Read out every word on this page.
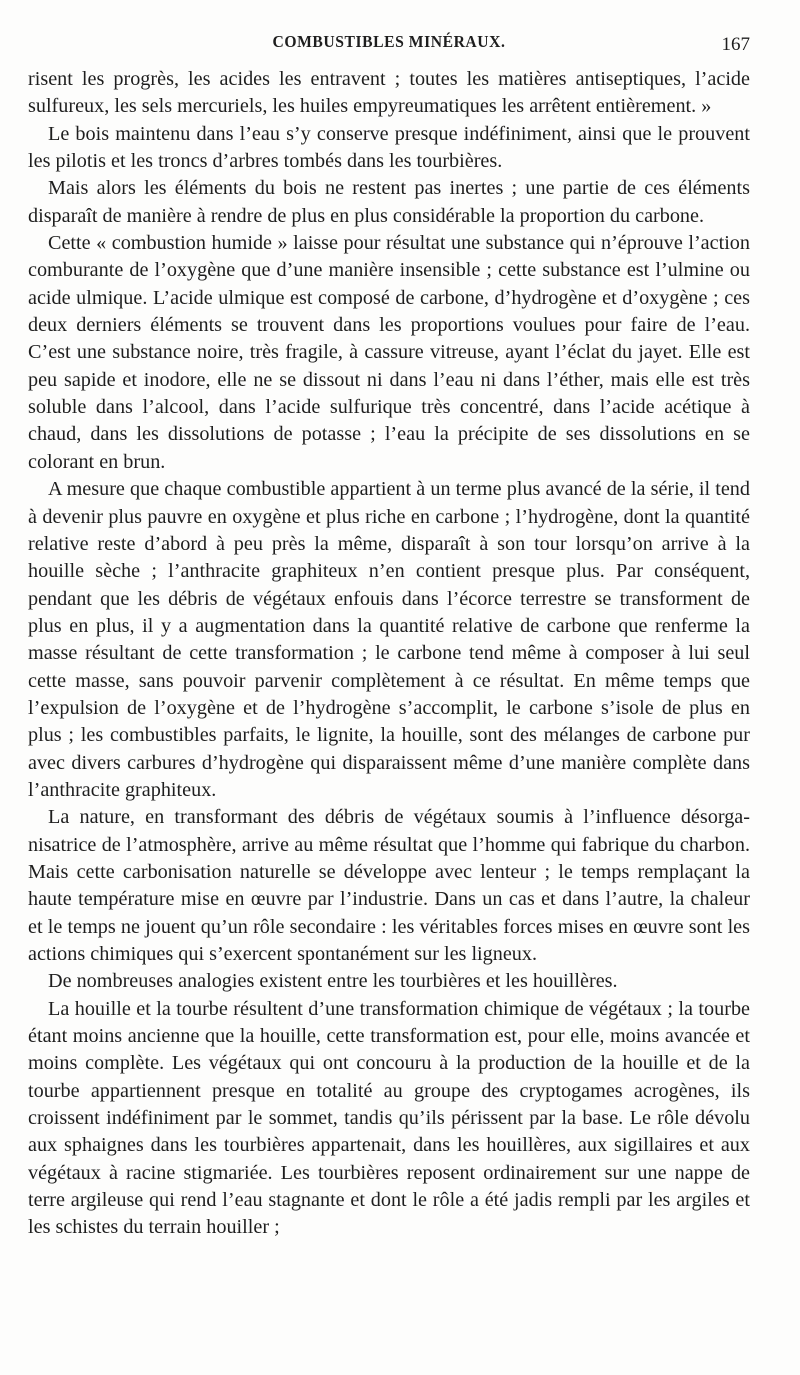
COMBUSTIBLES MINÉRAUX.	167

risent les progrès, les acides les entravent ; toutes les matières antiseptiques, l’acide sulfureux, les sels mercuriels, les huiles empyreumatiques les arrêtent entièrement. »

Le bois maintenu dans l’eau s’y conserve presque indéfiniment, ainsi que le prouvent les pilotis et les troncs d’arbres tombés dans les tourbières.

Mais alors les éléments du bois ne restent pas inertes ; une partie de ces éléments disparaît de manière à rendre de plus en plus considérable la proportion du carbone.

Cette « combustion humide » laisse pour résultat une substance qui n’éprouve l’action comburante de l’oxygène que d’une manière insensible ; cette substance est l’ulmine ou acide ulmique. L’acide ulmique est composé de carbone, d’hydrogène et d’oxygène ; ces deux derniers éléments se trouvent dans les proportions voulues pour faire de l’eau. C’est une substance noire, très fragile, à cassure vitreuse, ayant l’éclat du jayet. Elle est peu sapide et inodore, elle ne se dissout ni dans l’eau ni dans l’éther, mais elle est très soluble dans l’alcool, dans l’acide sulfurique très concentré, dans l’acide acétique à chaud, dans les dissolutions de potasse ; l’eau la précipite de ses dissolutions en se colorant en brun.

A mesure que chaque combustible appartient à un terme plus avancé de la série, il tend à devenir plus pauvre en oxygène et plus riche en carbone ; l’hydrogène, dont la quantité relative reste d’abord à peu près la même, disparaît à son tour lorsqu’on arrive à la houille sèche ; l’anthracite graphiteux n’en contient presque plus. Par conséquent, pendant que les débris de végétaux enfouis dans l’écorce terrestre se transforment de plus en plus, il y a augmentation dans la quantité relative de carbone que renferme la masse résultant de cette transformation ; le carbone tend même à composer à lui seul cette masse, sans pouvoir parvenir complètement à ce résultat. En même temps que l’expulsion de l’oxygène et de l’hydrogène s’accomplit, le carbone s’isole de plus en plus ; les combustibles parfaits, le lignite, la houille, sont des mélanges de carbone pur avec divers carbures d’hydrogène qui disparaissent même d’une manière complète dans l’anthracite graphiteux.

La nature, en transformant des débris de végétaux soumis à l’influence désorganisatrice de l’atmosphère, arrive au même résultat que l’homme qui fabrique du charbon. Mais cette carbonisation naturelle se développe avec lenteur ; le temps remplaçant la haute température mise en œuvre par l’industrie. Dans un cas et dans l’autre, la chaleur et le temps ne jouent qu’un rôle secondaire : les véritables forces mises en œuvre sont les actions chimiques qui s’exercent spontanément sur les ligneux.

De nombreuses analogies existent entre les tourbières et les houillères.

La houille et la tourbe résultent d’une transformation chimique de végétaux ; la tourbe étant moins ancienne que la houille, cette transformation est, pour elle, moins avancée et moins complète. Les végétaux qui ont concouru à la production de la houille et de la tourbe appartiennent presque en totalité au groupe des cryptogames acrogènes, ils croissent indéfiniment par le sommet, tandis qu’ils périssent par la base. Le rôle dévolu aux sphaignes dans les tourbières appartenait, dans les houillères, aux sigillaires et aux végétaux à racine stigmariée. Les tourbières reposent ordinairement sur une nappe de terre argileuse qui rend l’eau stagnante et dont le rôle a été jadis rempli par les argiles et les schistes du terrain houiller ;
